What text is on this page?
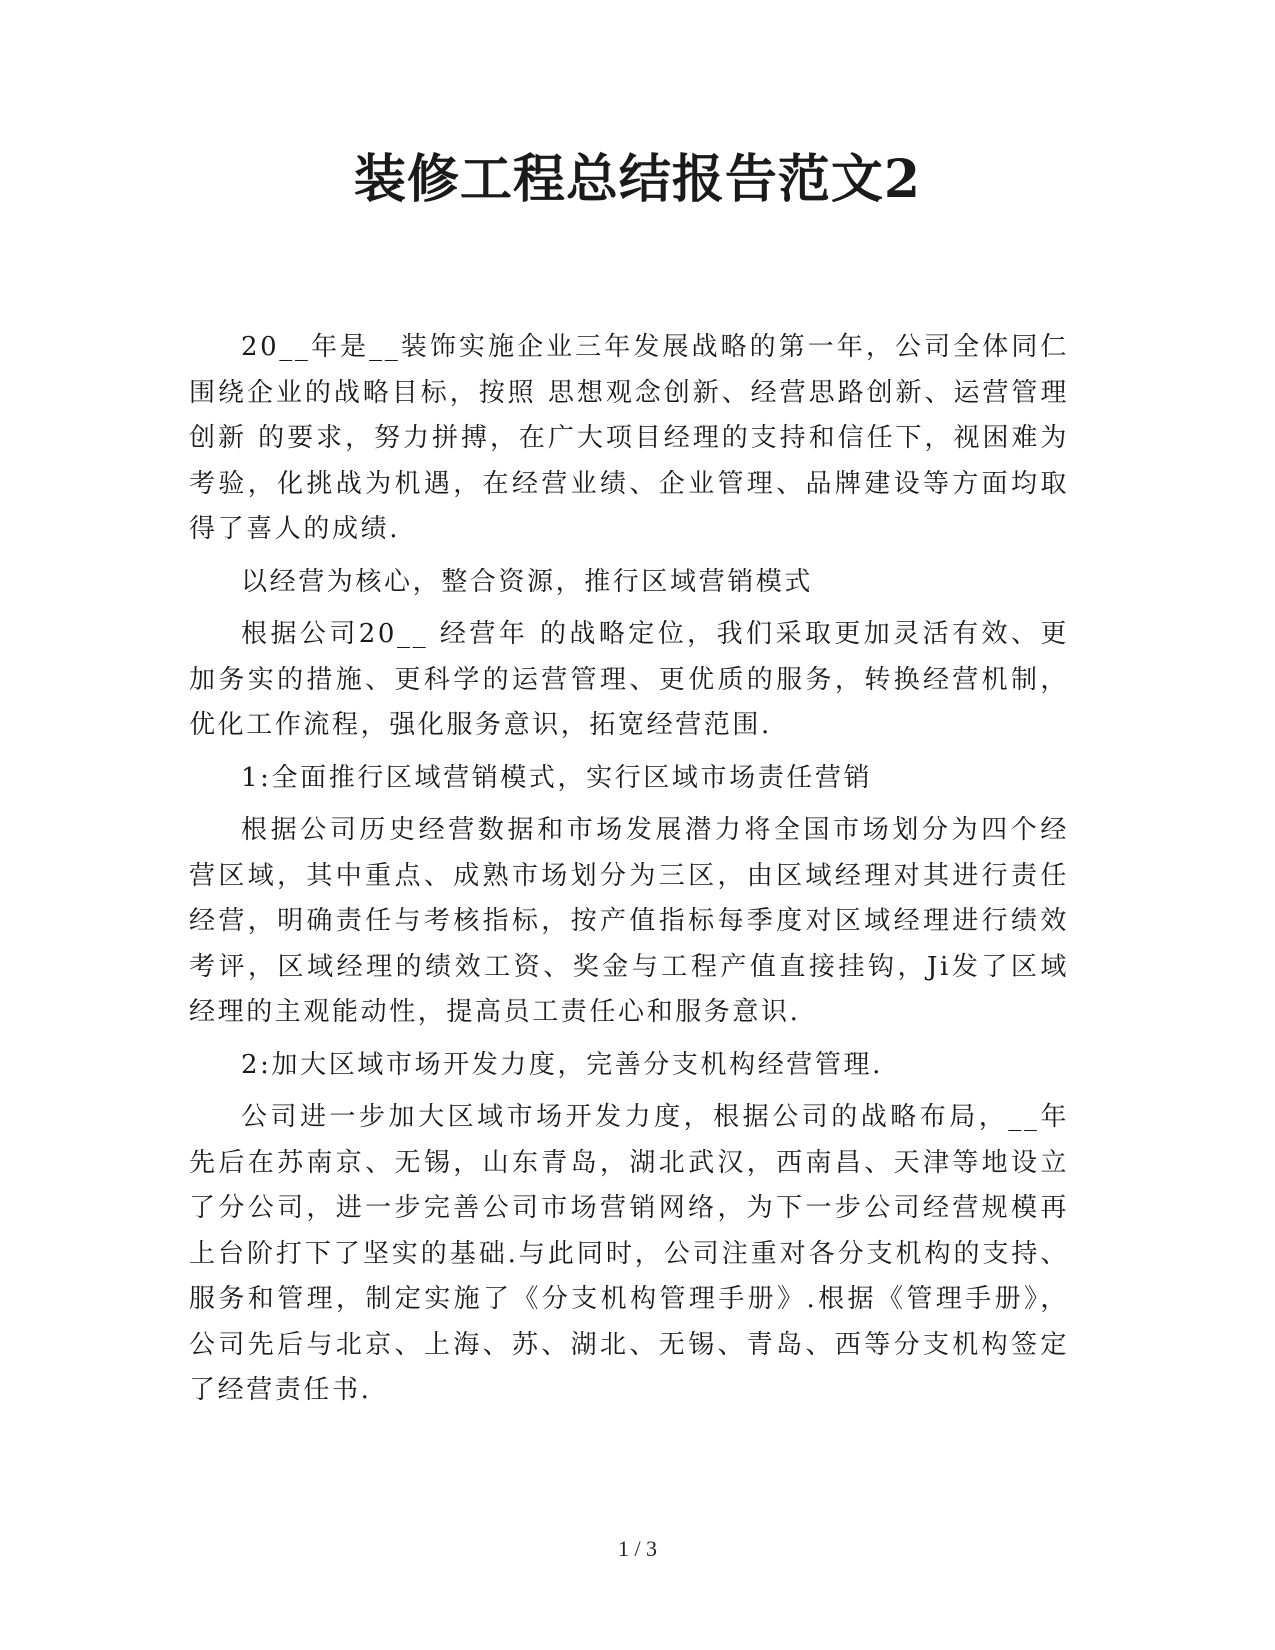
装修工程总结报告范文2

20__年是__装饰实施企业三年发展战略的第一年，公司全体同仁围绕企业的战略目标，按照 思想观念创新、经营思路创新、运营管理创新 的要求，努力拼搏，在广大项目经理的支持和信任下，视困难为考验，化挑战为机遇，在经营业绩、企业管理、品牌建设等方面均取得了喜人的成绩.

以经营为核心，整合资源，推行区域营销模式

根据公司20__ 经营年 的战略定位，我们采取更加灵活有效、更加务实的措施、更科学的运营管理、更优质的服务，转换经营机制，优化工作流程，强化服务意识，拓宽经营范围.

1:全面推行区域营销模式，实行区域市场责任营销

根据公司历史经营数据和市场发展潜力将全国市场划分为四个经营区域，其中重点、成熟市场划分为三区，由区域经理对其进行责任经营，明确责任与考核指标，按产值指标每季度对区域经理进行绩效考评，区域经理的绩效工资、奖金与工程产值直接挂钩，Ji发了区域经理的主观能动性，提高员工责任心和服务意识.

2:加大区域市场开发力度，完善分支机构经营管理.

公司进一步加大区域市场开发力度，根据公司的战略布局，__年先后在苏南京、无锡，山东青岛，湖北武汉，西南昌、天津等地设立了分公司，进一步完善公司市场营销网络，为下一步公司经营规模再上台阶打下了坚实的基础.与此同时，公司注重对各分支机构的支持、服务和管理，制定实施了《分支机构管理手册》.根据《管理手册》，公司先后与北京、上海、苏、湖北、无锡、青岛、西等分支机构签定了经营责任书.

1 / 3
